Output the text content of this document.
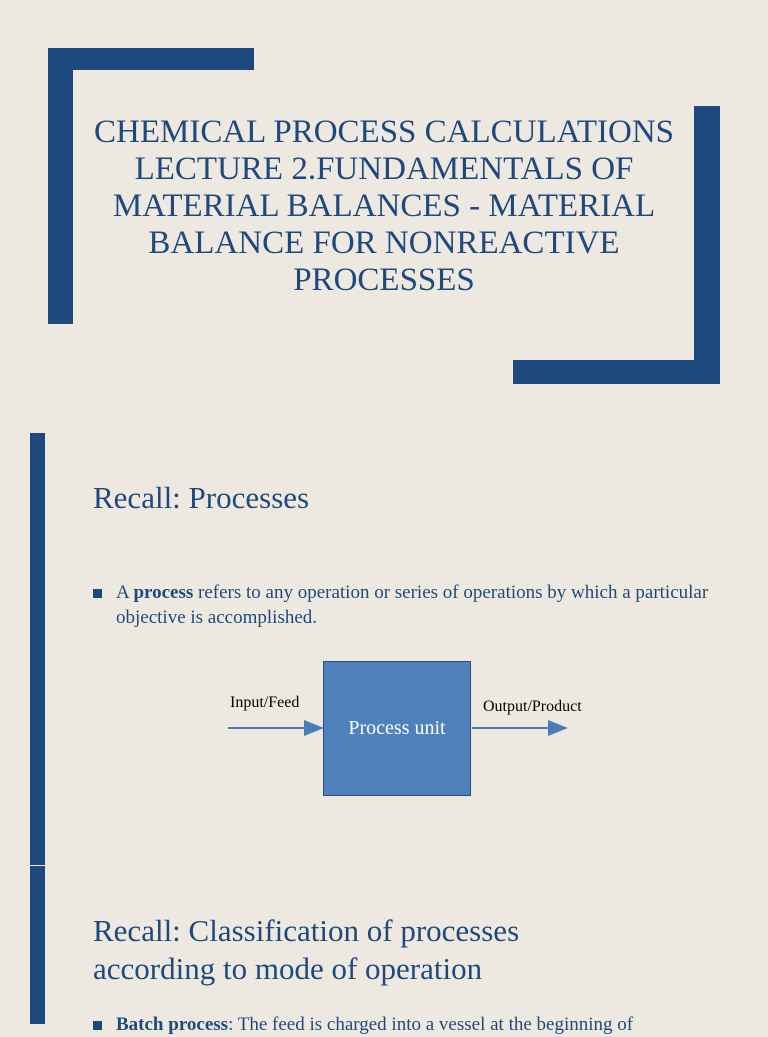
CHEMICAL PROCESS CALCULATIONS LECTURE 2.FUNDAMENTALS OF MATERIAL BALANCES - MATERIAL BALANCE FOR NONREACTIVE PROCESSES
Recall: Processes
A process refers to any operation or series of operations by which a particular objective is accomplished.
Input/Feed	Output/Product
Process unit
Recall: Classification of processes according to mode of operation
Batch process: The feed is charged into a vessel at the beginning of
